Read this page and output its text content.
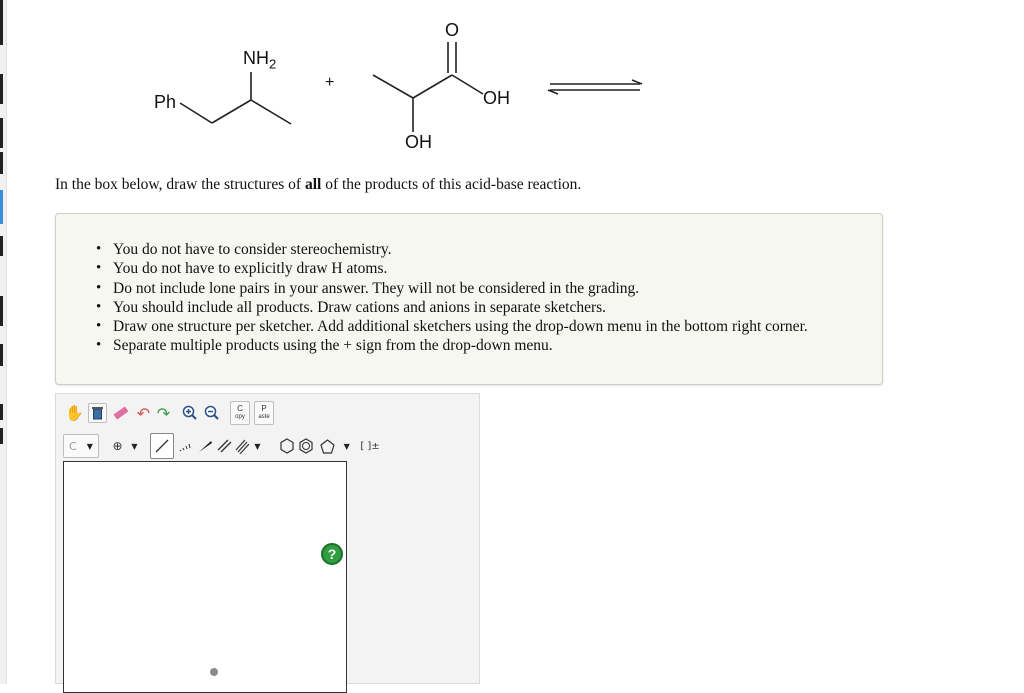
Ph
$NH_2$
+
O
OH
OH
In the box below, draw the structures of all of the products of this acid-base reaction.
• You do not have to consider stereochemistry.
• You do not have to explicitly draw H atoms.
• Do not include lone pairs in your answer. They will not be considered in the grading.
• You should include all products. Draw cations and anions in separate sketchers.
• Draw one structure per sketcher. Add additional sketchers using the drop-down menu in the bottom right corner.
• Separate multiple products using the + sign from the drop-down menu.
✋	↶ ↷	C
opy
P
aste
C ▼ ⊕ ▼	▼	▼ [ ]±
?
